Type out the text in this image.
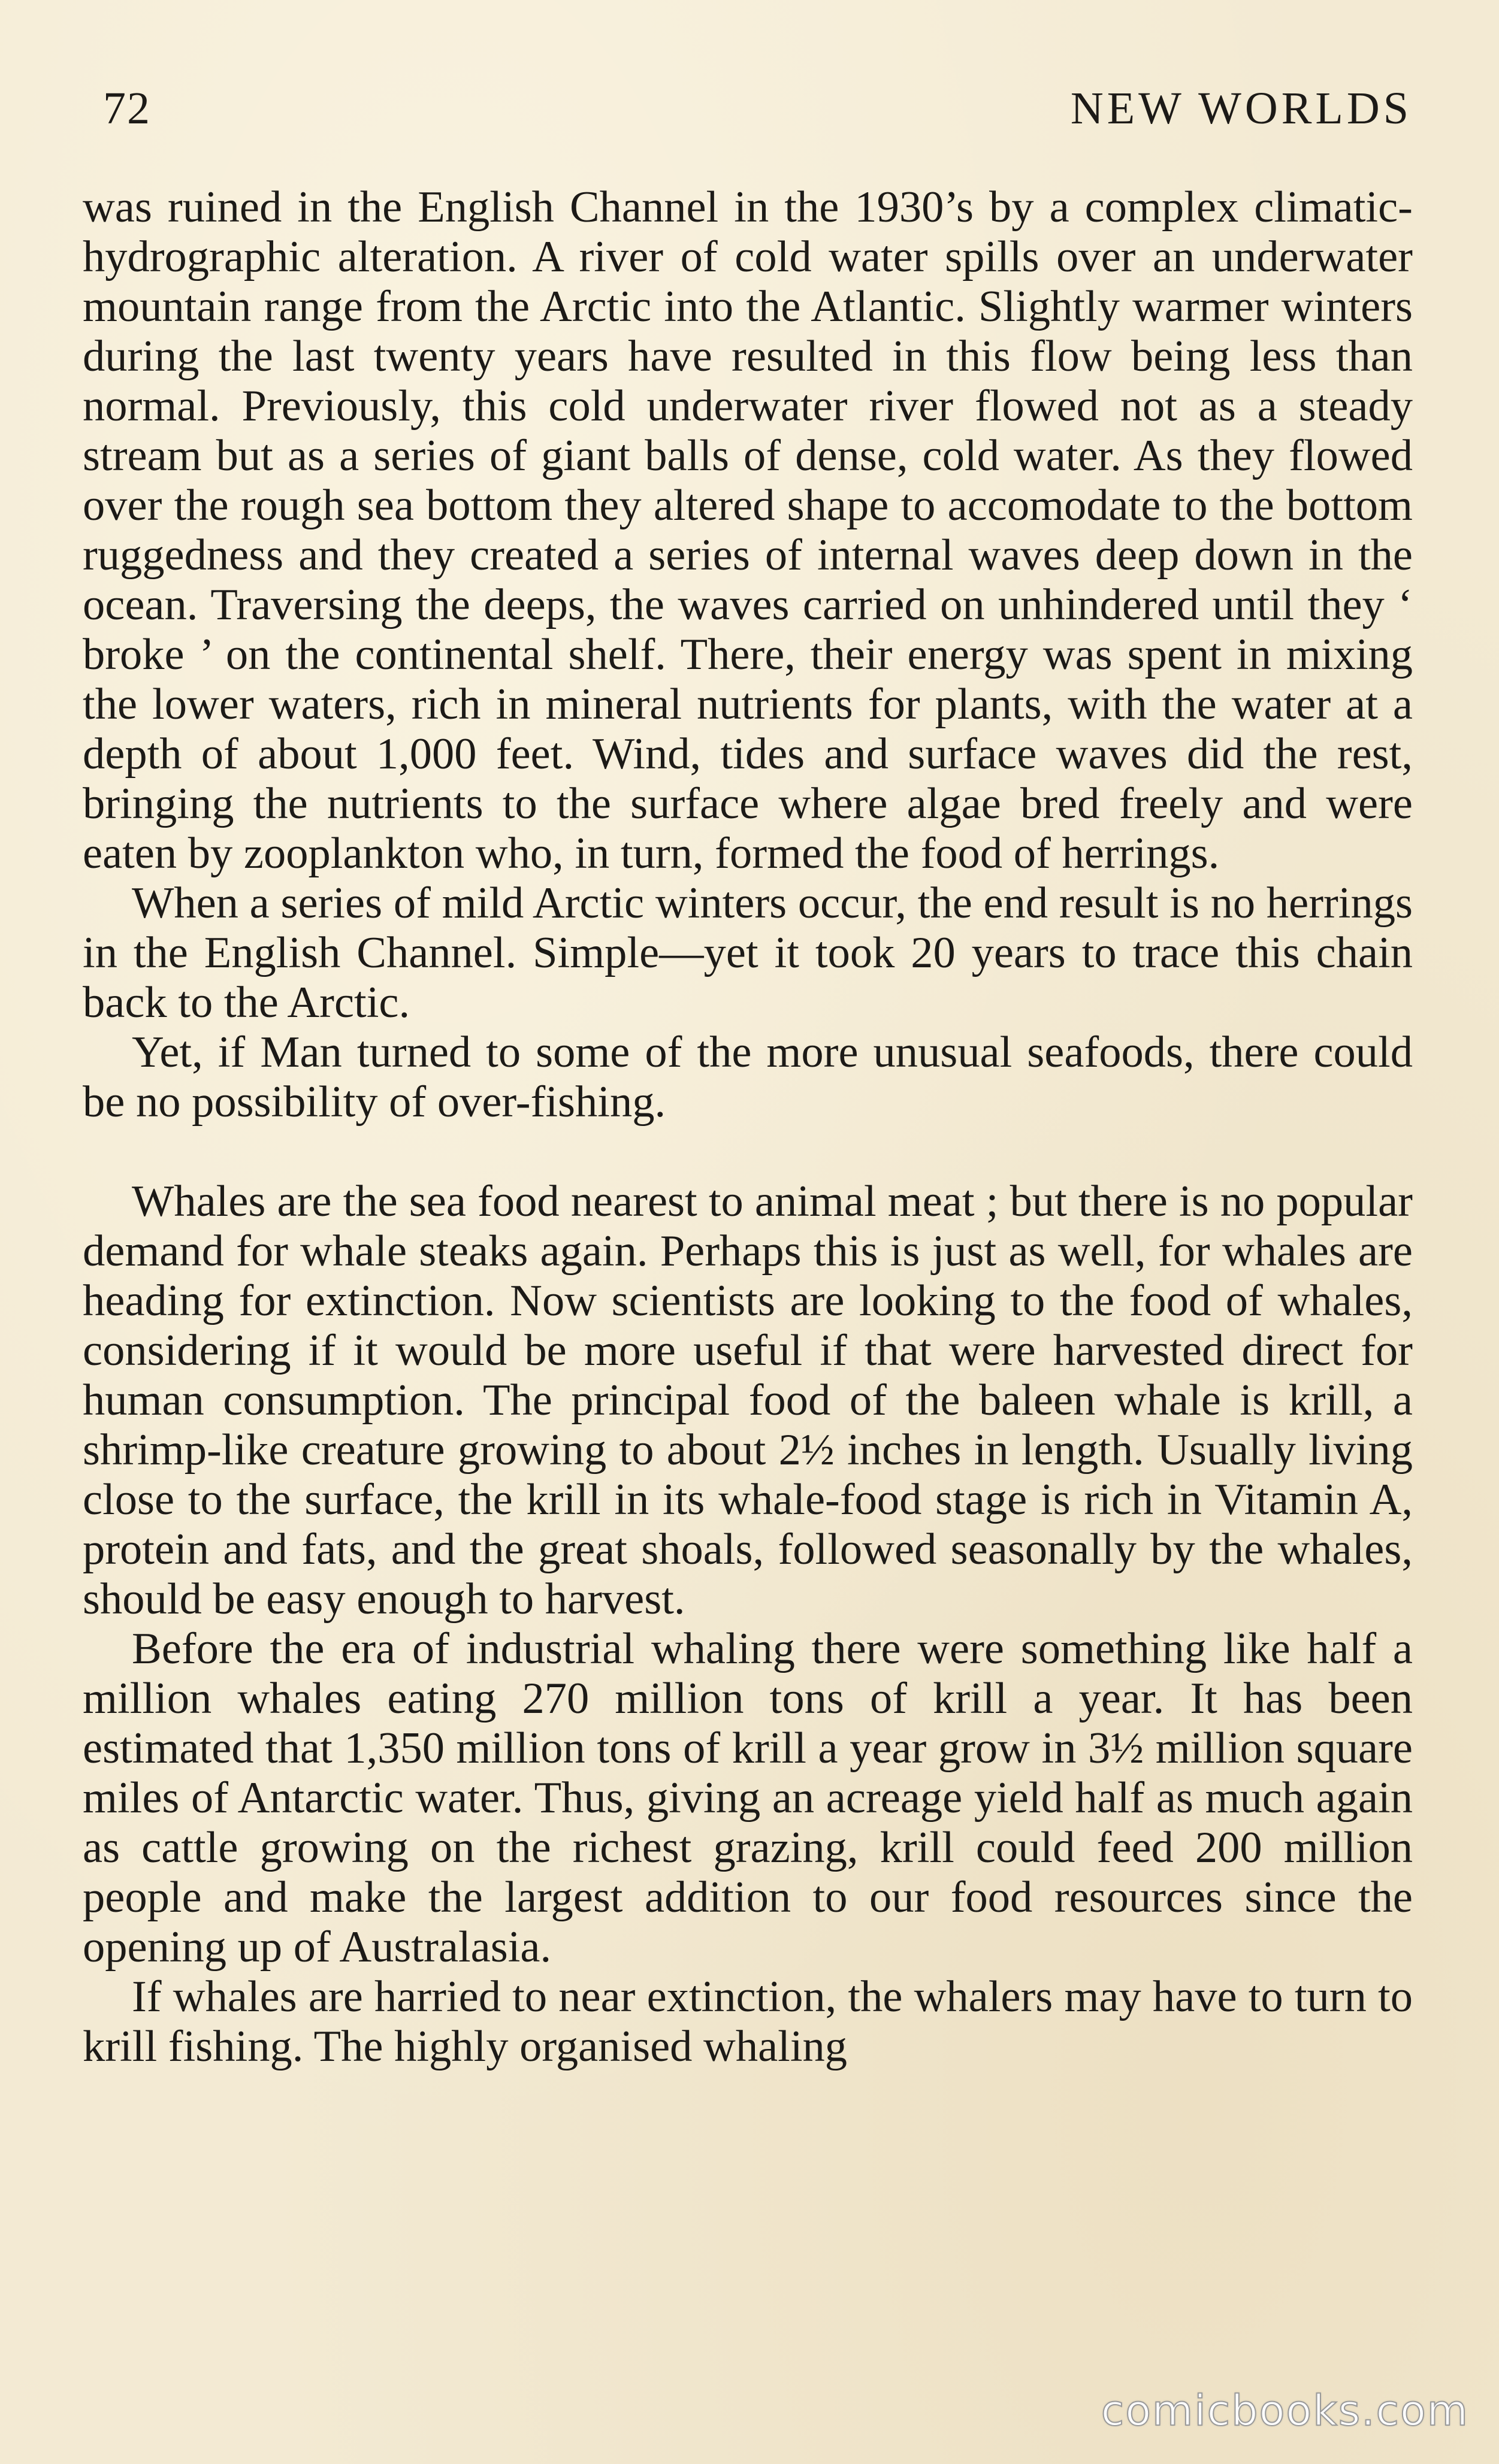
72	NEW WORLDS

was ruined in the English Channel in the 1930’s by a complex climatic-hydrographic alteration. A river of cold water spills over an underwater mountain range from the Arctic into the Atlantic. Slightly warmer winters during the last twenty years have resulted in this flow being less than normal. Previously, this cold underwater river flowed not as a steady stream but as a series of giant balls of dense, cold water. As they flowed over the rough sea bottom they altered shape to accomodate to the bottom ruggedness and they created a series of internal waves deep down in the ocean. Traversing the deeps, the waves carried on unhindered until they ‘ broke ’ on the continental shelf. There, their energy was spent in mixing the lower waters, rich in mineral nutrients for plants, with the water at a depth of about 1,000 feet. Wind, tides and surface waves did the rest, bringing the nutrients to the surface where algae bred freely and were eaten by zooplankton who, in turn, formed the food of herrings.

When a series of mild Arctic winters occur, the end result is no herrings in the English Channel. Simple—yet it took 20 years to trace this chain back to the Arctic.

Yet, if Man turned to some of the more unusual seafoods, there could be no possibility of over-fishing.

Whales are the sea food nearest to animal meat ; but there is no popular demand for whale steaks again. Perhaps this is just as well, for whales are heading for extinction. Now scientists are looking to the food of whales, considering if it would be more useful if that were harvested direct for human consumption. The principal food of the baleen whale is krill, a shrimp-like creature growing to about 2½ inches in length. Usually living close to the surface, the krill in its whale-food stage is rich in Vitamin A, protein and fats, and the great shoals, followed seasonally by the whales, should be easy enough to harvest.

Before the era of industrial whaling there were something like half a million whales eating 270 million tons of krill a year. It has been estimated that 1,350 million tons of krill a year grow in 3½ million square miles of Antarctic water. Thus, giving an acreage yield half as much again as cattle growing on the richest grazing, krill could feed 200 million people and make the largest addition to our food resources since the opening up of Australasia.

If whales are harried to near extinction, the whalers may have to turn to krill fishing. The highly organised whaling

comicbooks.com
